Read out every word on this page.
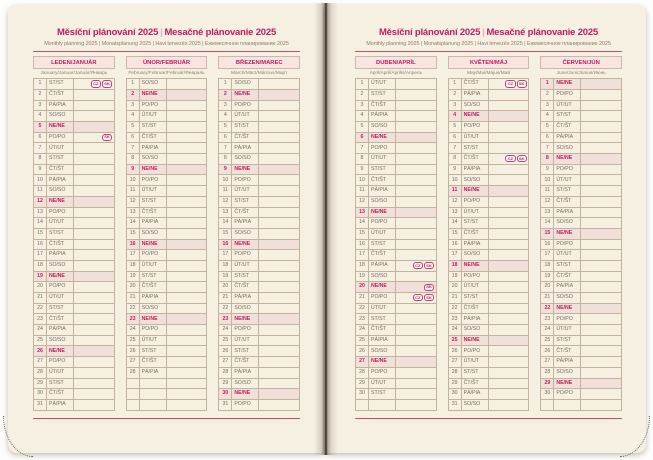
Měsíční plánování 2025 | Mesačné plánovanie 2025
Monthly planning 2025 | Monatsplanung 2025 | Havi tervezés 2025 | Ежемесячное планирование 2025
LEDEN/JANUÁR
January/Januar/Január/Январь
1	ST/ST	CZ SK
2	ČT/ŠT	
3	PÁ/PIA	
4	SO/SO	
5	NE/NE	
6	PO/PO	SK
7	ÚT/UT	
8	ST/ST	
9	ČT/ŠT	
10	PÁ/PIA	
11	SO/SO	
12	NE/NE	
13	PO/PO	
14	ÚT/UT	
15	ST/ST	
16	ČT/ŠT	
17	PÁ/PIA	
18	SO/SO	
19	NE/NE	
20	PO/PO	
21	ÚT/UT	
22	ST/ST	
23	ČT/ŠT	
24	PÁ/PIA	
25	SO/SO	
26	NE/NE	
27	PO/PO	
28	ÚT/UT	
29	ST/ST	
30	ČT/ŠT	
31	PÁ/PIA	
ÚNOR/FEBRUÁR
February/Februar/Február/Февраль
1	SO/SO	
2	NE/NE	
3	PO/PO	
4	ÚT/UT	
5	ST/ST	
6	ČT/ŠT	
7	PÁ/PIA	
8	SO/SO	
9	NE/NE	
10	PO/PO	
11	ÚT/UT	
12	ST/ST	
13	ČT/ŠT	
14	PÁ/PIA	
15	SO/SO	
16	NE/NE	
17	PO/PO	
18	ÚT/UT	
19	ST/ST	
20	ČT/ŠT	
21	PÁ/PIA	
22	SO/SO	
23	NE/NE	
24	PO/PO	
25	ÚT/UT	
26	ST/ST	
27	ČT/ŠT	
28	PÁ/PIA	

BŘEZEN/MAREC
March/März/Március/Март
1	SO/SO	
2	NE/NE	
3	PO/PO	
4	ÚT/UT	
5	ST/ST	
6	ČT/ŠT	
7	PÁ/PIA	
8	SO/SO	
9	NE/NE	
10	PO/PO	
11	ÚT/UT	
12	ST/ST	
13	ČT/ŠT	
14	PÁ/PIA	
15	SO/SO	
16	NE/NE	
17	PO/PO	
18	ÚT/UT	
19	ST/ST	
20	ČT/ŠT	
21	PÁ/PIA	
22	SO/SO	
23	NE/NE	
24	PO/PO	
25	ÚT/UT	
26	ST/ST	
27	ČT/ŠT	
28	PÁ/PIA	
29	SO/SO	
30	NE/NE	
31	PO/PO	
Měsíční plánování 2025 | Mesačné plánovanie 2025
Monthly planning 2025 | Monatsplanung 2025 | Havi tervezés 2025 | Ежемесячное планирование 2025
DUBEN/APRÍL
April/April/Április/Апрель
1	ÚT/UT	
2	ST/ST	
3	ČT/ŠT	
4	PÁ/PIA	
5	SO/SO	
6	NE/NE	
7	PO/PO	
8	ÚT/UT	
9	ST/ST	
10	ČT/ŠT	
11	PÁ/PIA	
12	SO/SO	
13	NE/NE	
14	PO/PO	
15	ÚT/UT	
16	ST/ST	
17	ČT/ŠT	
18	PÁ/PIA	CZ SK
19	SO/SO	
20	NE/NE	SK
21	PO/PO	CZ SK
22	ÚT/UT	
23	ST/ST	
24	ČT/ŠT	
25	PÁ/PIA	
26	SO/SO	
27	NE/NE	
28	PO/PO	
29	ÚT/UT	
30	ST/ST	

KVĚTEN/MÁJ
May/Mai/Május/Май
1	ČT/ŠT	CZ SK
2	PÁ/PIA	
3	SO/SO	
4	NE/NE	
5	PO/PO	
6	ÚT/UT	
7	ST/ST	
8	ČT/ŠT	CZ SK
9	PÁ/PIA	
10	SO/SO	
11	NE/NE	
12	PO/PO	
13	ÚT/UT	
14	ST/ST	
15	ČT/ŠT	
16	PÁ/PIA	
17	SO/SO	
18	NE/NE	
19	PO/PO	
20	ÚT/UT	
21	ST/ST	
22	ČT/ŠT	
23	PÁ/PIA	
24	SO/SO	
25	NE/NE	
26	PO/PO	
27	ÚT/UT	
28	ST/ST	
29	ČT/ŠT	
30	PÁ/PIA	
31	SO/SO	
ČERVEN/JÚN
June/Juni/Június/Июнь
1	NE/NE	
2	PO/PO	
3	ÚT/UT	
4	ST/ST	
5	ČT/ŠT	
6	PÁ/PIA	
7	SO/SO	
8	NE/NE	
9	PO/PO	
10	ÚT/UT	
11	ST/ST	
12	ČT/ŠT	
13	PÁ/PIA	
14	SO/SO	
15	NE/NE	
16	PO/PO	
17	ÚT/UT	
18	ST/ST	
19	ČT/ŠT	
20	PÁ/PIA	
21	SO/SO	
22	NE/NE	
23	PO/PO	
24	ÚT/UT	
25	ST/ST	
26	ČT/ŠT	
27	PÁ/PIA	
28	SO/SO	
29	NE/NE	
30	PO/PO	
